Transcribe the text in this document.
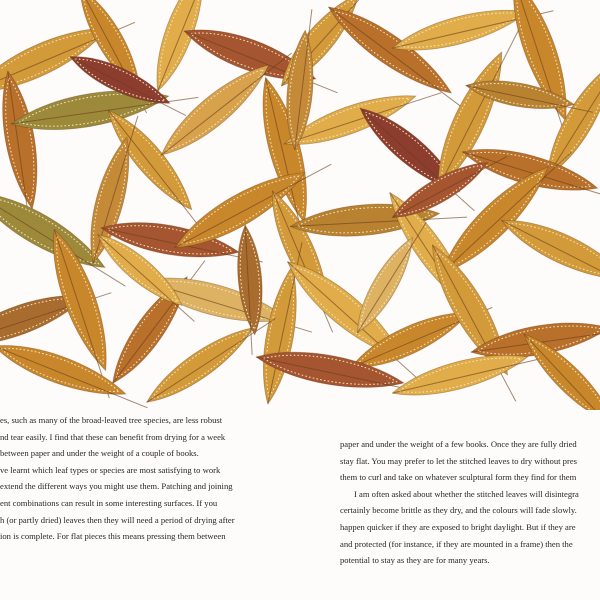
es, such as many of the broad-leaved tree species, are less robust
nd tear easily. I find that these can benefit from drying for a week
between paper and under the weight of a couple of books.
ve learnt which leaf types or species are most satisfying to work
extend the different ways you might use them. Patching and joining
ent combinations can result in some interesting surfaces. If you
h (or partly dried) leaves then they will need a period of drying after
ion is complete. For flat pieces this means pressing them between

paper and under the weight of a few books. Once they are fully dried
stay flat. You may prefer to let the stitched leaves to dry without pres
them to curl and take on whatever sculptural form they find for them

I am often asked about whether the stitched leaves will disintegra
certainly become brittle as they dry, and the colours will fade slowly.
happen quicker if they are exposed to bright daylight. But if they are
and protected (for instance, if they are mounted in a frame) then the
potential to stay as they are for many years.
